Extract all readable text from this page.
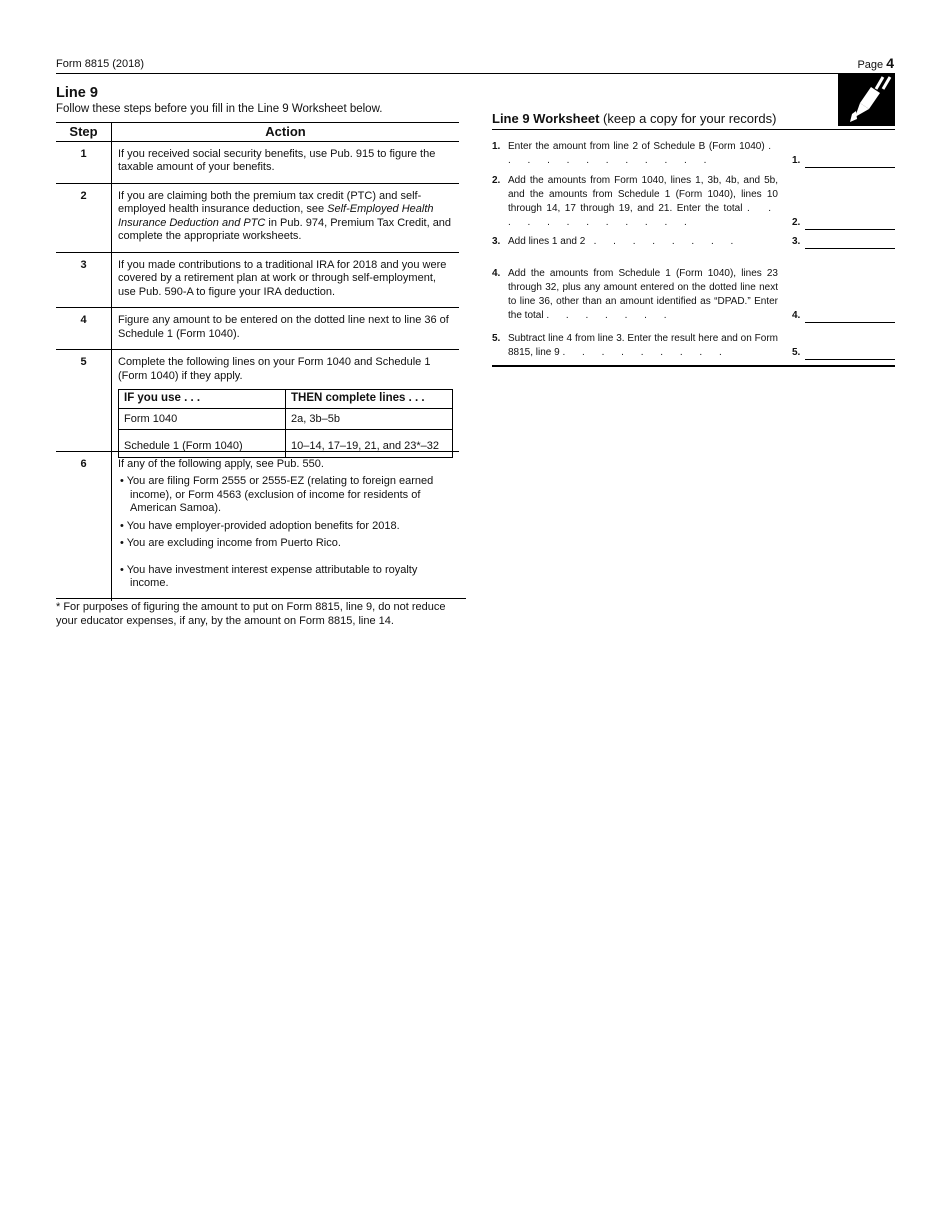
Form 8815 (2018)	Page 4
Line 9
Follow these steps before you fill in the Line 9 Worksheet below.
Step	Action
1	If you received social security benefits, use Pub. 915 to figure the taxable amount of your benefits.
2	If you are claiming both the premium tax credit (PTC) and self-employed health insurance deduction, see Self-Employed Health Insurance Deduction and PTC in Pub. 974, Premium Tax Credit, and complete the appropriate worksheets.
3	If you made contributions to a traditional IRA for 2018 and you were covered by a retirement plan at work or through self-employment, use Pub. 590-A to figure your IRA deduction.
4	Figure any amount to be entered on the dotted line next to line 36 of Schedule 1 (Form 1040).
5	Complete the following lines on your Form 1040 and Schedule 1 (Form 1040) if they apply.
IF you use . . .	THEN complete lines . . .
Form 1040	2a, 3b–5b
Schedule 1 (Form 1040)	10–14, 17–19, 21, and 23*–32

6	If any of the following apply, see Pub. 550.
• You are filing Form 2555 or 2555-EZ (relating to foreign earned income), or Form 4563 (exclusion of income for residents of American Samoa).
• You have employer-provided adoption benefits for 2018.
• You are excluding income from Puerto Rico.
• You have investment interest expense attributable to royalty income.
* For purposes of figuring the amount to put on Form 8815, line 9, do not reduce your educator expenses, if any, by the amount on Form 8815, line 14.
Line 9 Worksheet (keep a copy for your records)
1. Enter the amount from line 2 of Schedule B (Form 1040) . . . . . . . . . . . .	1.
2. Add the amounts from Form 1040, lines 1, 3b, 4b, and 5b, and the amounts from Schedule 1 (Form 1040), lines 10 through 14, 17 through 19, and 21. Enter the total . . . . . . . . . . . .	2.
3. Add lines 1 and 2 . . . . . . . .	3.
4. Add the amounts from Schedule 1 (Form 1040), lines 23 through 32, plus any amount entered on the dotted line next to line 36, other than an amount identified as “DPAD.” Enter the total . . . . . . .	4.
5. Subtract line 4 from line 3. Enter the result here and on Form 8815, line 9 . . . . . . . . .	5.
